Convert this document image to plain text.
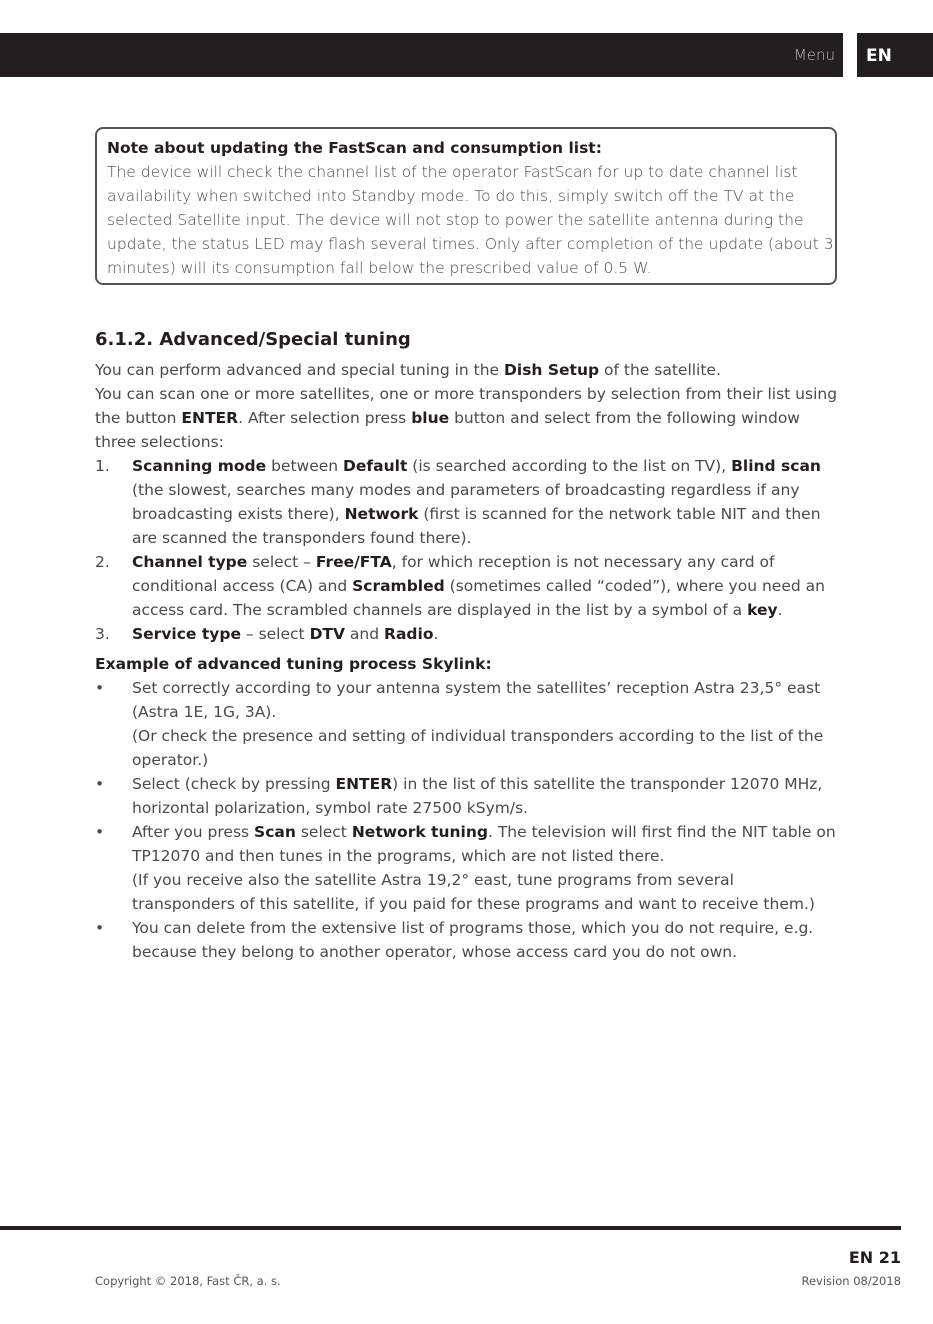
Menu	EN
Note about updating the FastScan and consumption list:
The device will check the channel list of the operator FastScan for up to date channel list availability when switched into Standby mode. To do this, simply switch off the TV at the selected Satellite input. The device will not stop to power the satellite antenna during the update, the status LED may flash several times. Only after completion of the update (about 3 minutes) will its consumption fall below the prescribed value of 0.5 W.
6.1.2. Advanced/Special tuning

You can perform advanced and special tuning in the Dish Setup of the satellite.

You can scan one or more satellites, one or more transponders by selection from their list using the button ENTER. After selection press blue button and select from the following window three selections:

1. Scanning mode between Default (is searched according to the list on TV), Blind scan (the slowest, searches many modes and parameters of broadcasting regardless if any broadcasting exists there), Network (first is scanned for the network table NIT and then are scanned the transponders found there).
2. Channel type select – Free/FTA, for which reception is not necessary any card of conditional access (CA) and Scrambled (sometimes called “coded”), where you need an access card. The scrambled channels are displayed in the list by a symbol of a key.
3. Service type – select DTV and Radio.
Example of advanced tuning process Skylink:
• Set correctly according to your antenna system the satellites’ reception Astra 23,5° east (Astra 1E, 1G, 3A).
(Or check the presence and setting of individual transponders according to the list of the operator.)
• Select (check by pressing ENTER) in the list of this satellite the transponder 12070 MHz, horizontal polarization, symbol rate 27500 kSym/s.
• After you press Scan select Network tuning. The television will first find the NIT table on TP12070 and then tunes in the programs, which are not listed there.
(If you receive also the satellite Astra 19,2° east, tune programs from several transponders of this satellite, if you paid for these programs and want to receive them.)
• You can delete from the extensive list of programs those, which you do not require, e.g. because they belong to another operator, whose access card you do not own.
EN 21
Copyright © 2018, Fast ČR, a. s.	Revision 08/2018
